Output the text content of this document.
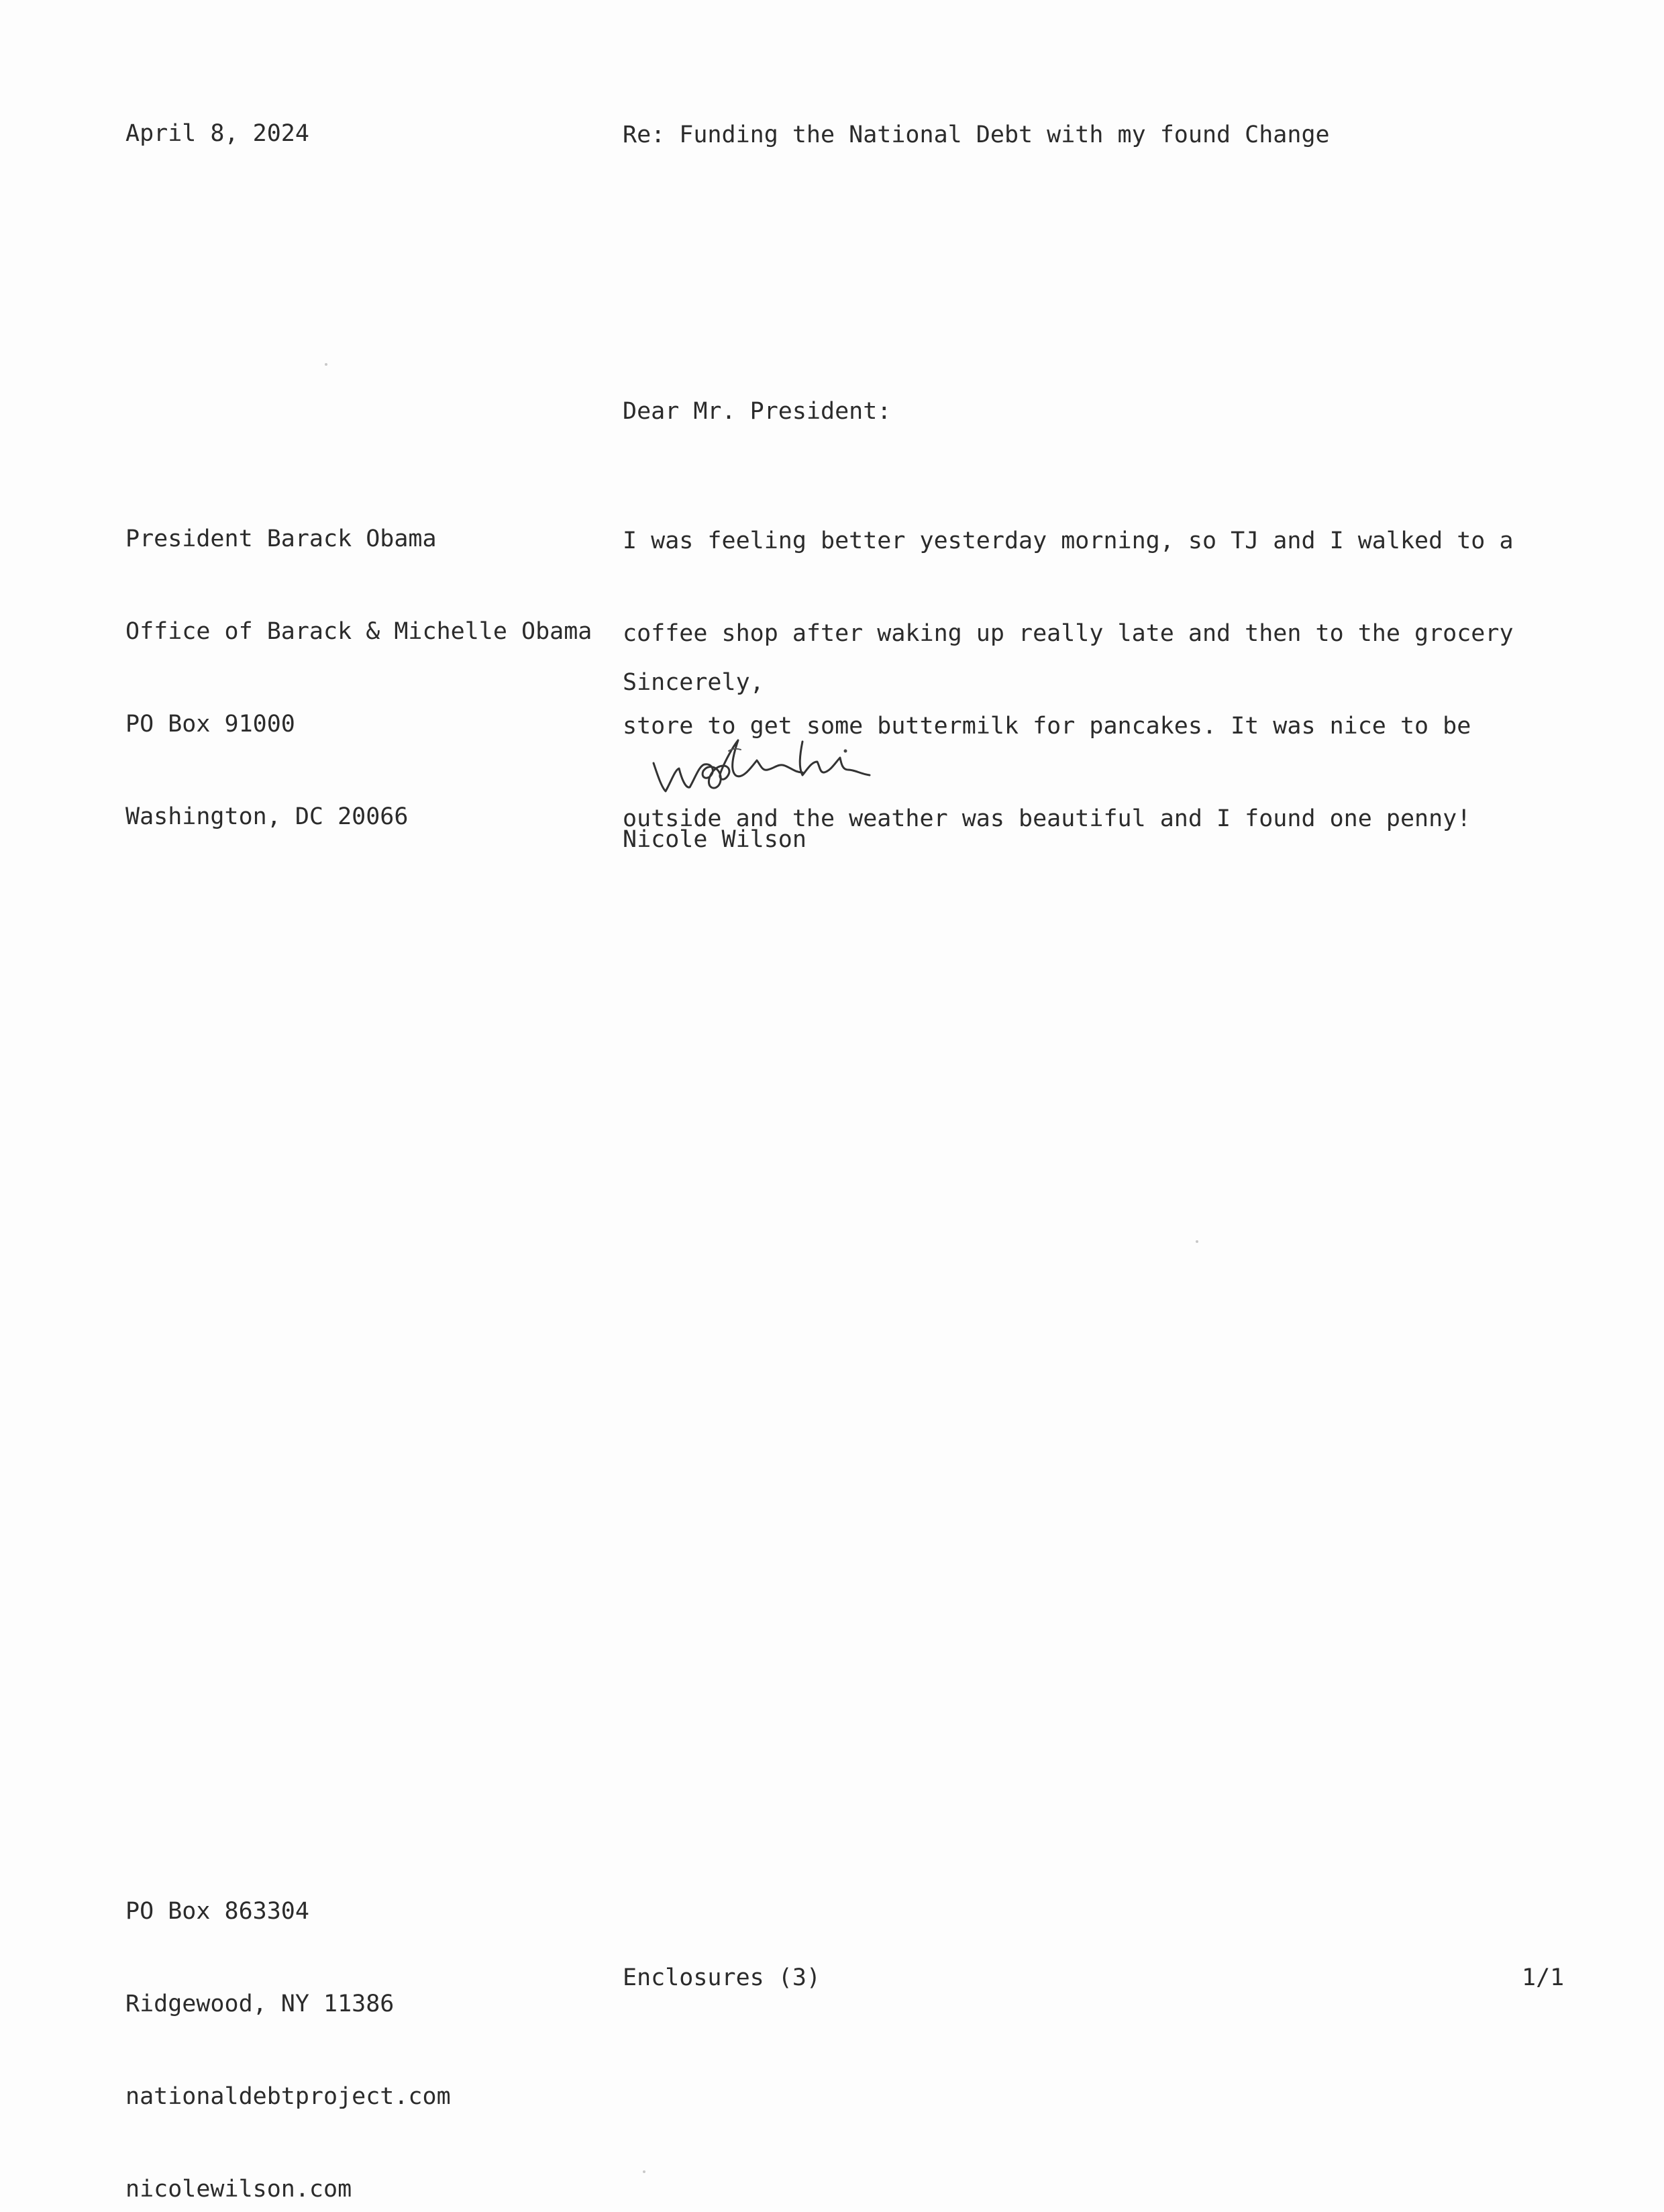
April 8, 2024	Re: Funding the National Debt with my found Change
Dear Mr. President:

President Barack Obama

Office of Barack & Michelle Obama

PO Box 91000

Washington, DC 20066

I was feeling better yesterday morning, so TJ and I walked to a

coffee shop after waking up really late and then to the grocery

store to get some buttermilk for pancakes. It was nice to be

outside and the weather was beautiful and I found one penny!

Sincerely,
Nicole Wilson

PO Box 863304

Ridgewood, NY 11386

nationaldebtproject.com

nicolewilson.com

Enclosures (3)	1/1
